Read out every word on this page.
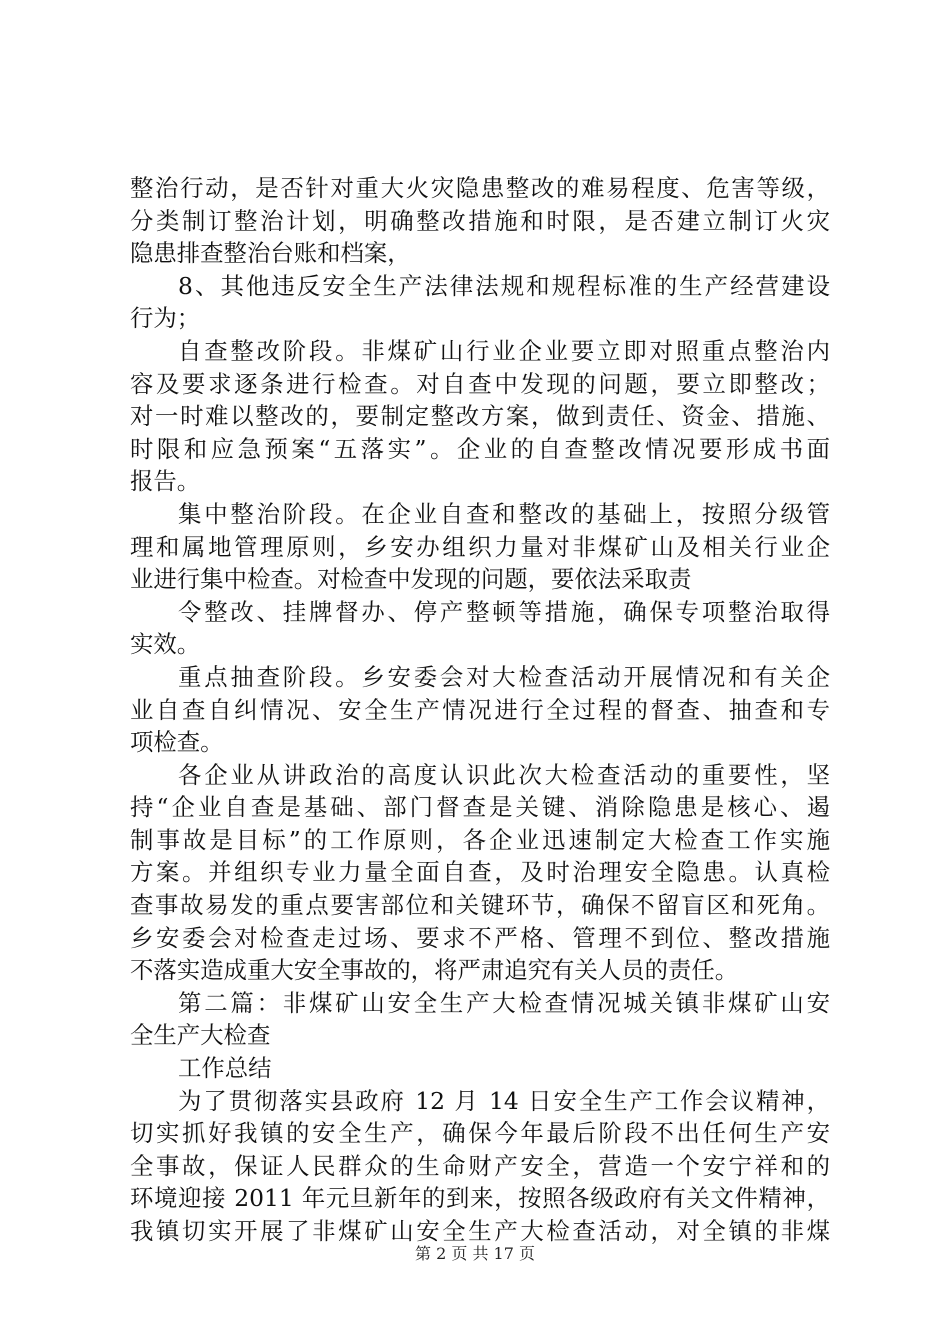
整治行动，是否针对重大火灾隐患整改的难易程度、危害等级，
分类制订整治计划，明确整改措施和时限，是否建立制订火灾
隐患排查整治台账和档案，
8、其他违反安全生产法律法规和规程标准的生产经营建设
行为；
自查整改阶段。非煤矿山行业企业要立即对照重点整治内
容及要求逐条进行检查。对自查中发现的问题，要立即整改；
对一时难以整改的，要制定整改方案，做到责任、资金、措施、
时限和应急预案“五落实”。企业的自查整改情况要形成书面
报告。
集中整治阶段。在企业自查和整改的基础上，按照分级管
理和属地管理原则，乡安办组织力量对非煤矿山及相关行业企
业进行集中检查。对检查中发现的问题，要依法采取责
令整改、挂牌督办、停产整顿等措施，确保专项整治取得
实效。
重点抽查阶段。乡安委会对大检查活动开展情况和有关企
业自查自纠情况、安全生产情况进行全过程的督查、抽查和专
项检查。
各企业从讲政治的高度认识此次大检查活动的重要性，坚
持“企业自查是基础、部门督查是关键、消除隐患是核心、遏
制事故是目标”的工作原则，各企业迅速制定大检查工作实施
方案。并组织专业力量全面自查，及时治理安全隐患。认真检
查事故易发的重点要害部位和关键环节，确保不留盲区和死角。
乡安委会对检查走过场、要求不严格、管理不到位、整改措施
不落实造成重大安全事故的，将严肃追究有关人员的责任。
第二篇：非煤矿山安全生产大检查情况城关镇非煤矿山安
全生产大检查
工作总结
为了贯彻落实县政府 12 月 14 日安全生产工作会议精神，
切实抓好我镇的安全生产，确保今年最后阶段不出任何生产安
全事故，保证人民群众的生命财产安全，营造一个安宁祥和的
环境迎接 2011 年元旦新年的到来，按照各级政府有关文件精神，
我镇切实开展了非煤矿山安全生产大检查活动，对全镇的非煤
第 2 页 共 17 页
